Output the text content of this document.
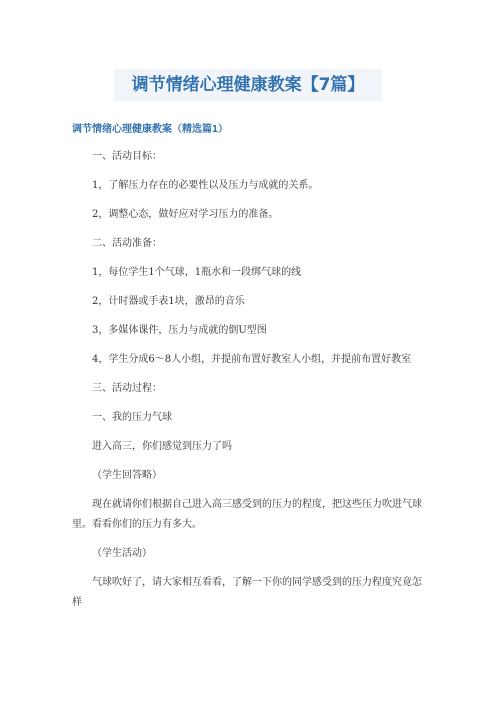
调节情绪心理健康教案【7篇】
调节情绪心理健康教案（精选篇1）
一、活动目标：
1，了解压力存在的必要性以及压力与成就的关系。
2，调整心态，做好应对学习压力的准备。
二、活动准备：
1，每位学生1个气球，1瓶水和一段绑气球的线
2，计时器或手表1块，激昂的音乐
3，多媒体课件，压力与成就的倒U型图
4，学生分成6～8人小组，并提前布置好教室人小组，并提前布置好教室
三、活动过程：
一、我的压力气球
进入高三，你们感觉到压力了吗
（学生回答略）
现在就请你们根据自己进入高三感受到的压力的程度，把这些压力吹进气球
里。看看你们的压力有多大。
（学生活动）
气球吹好了，请大家相互看看，了解一下你的同学感受到的压力程度究竟怎
样
